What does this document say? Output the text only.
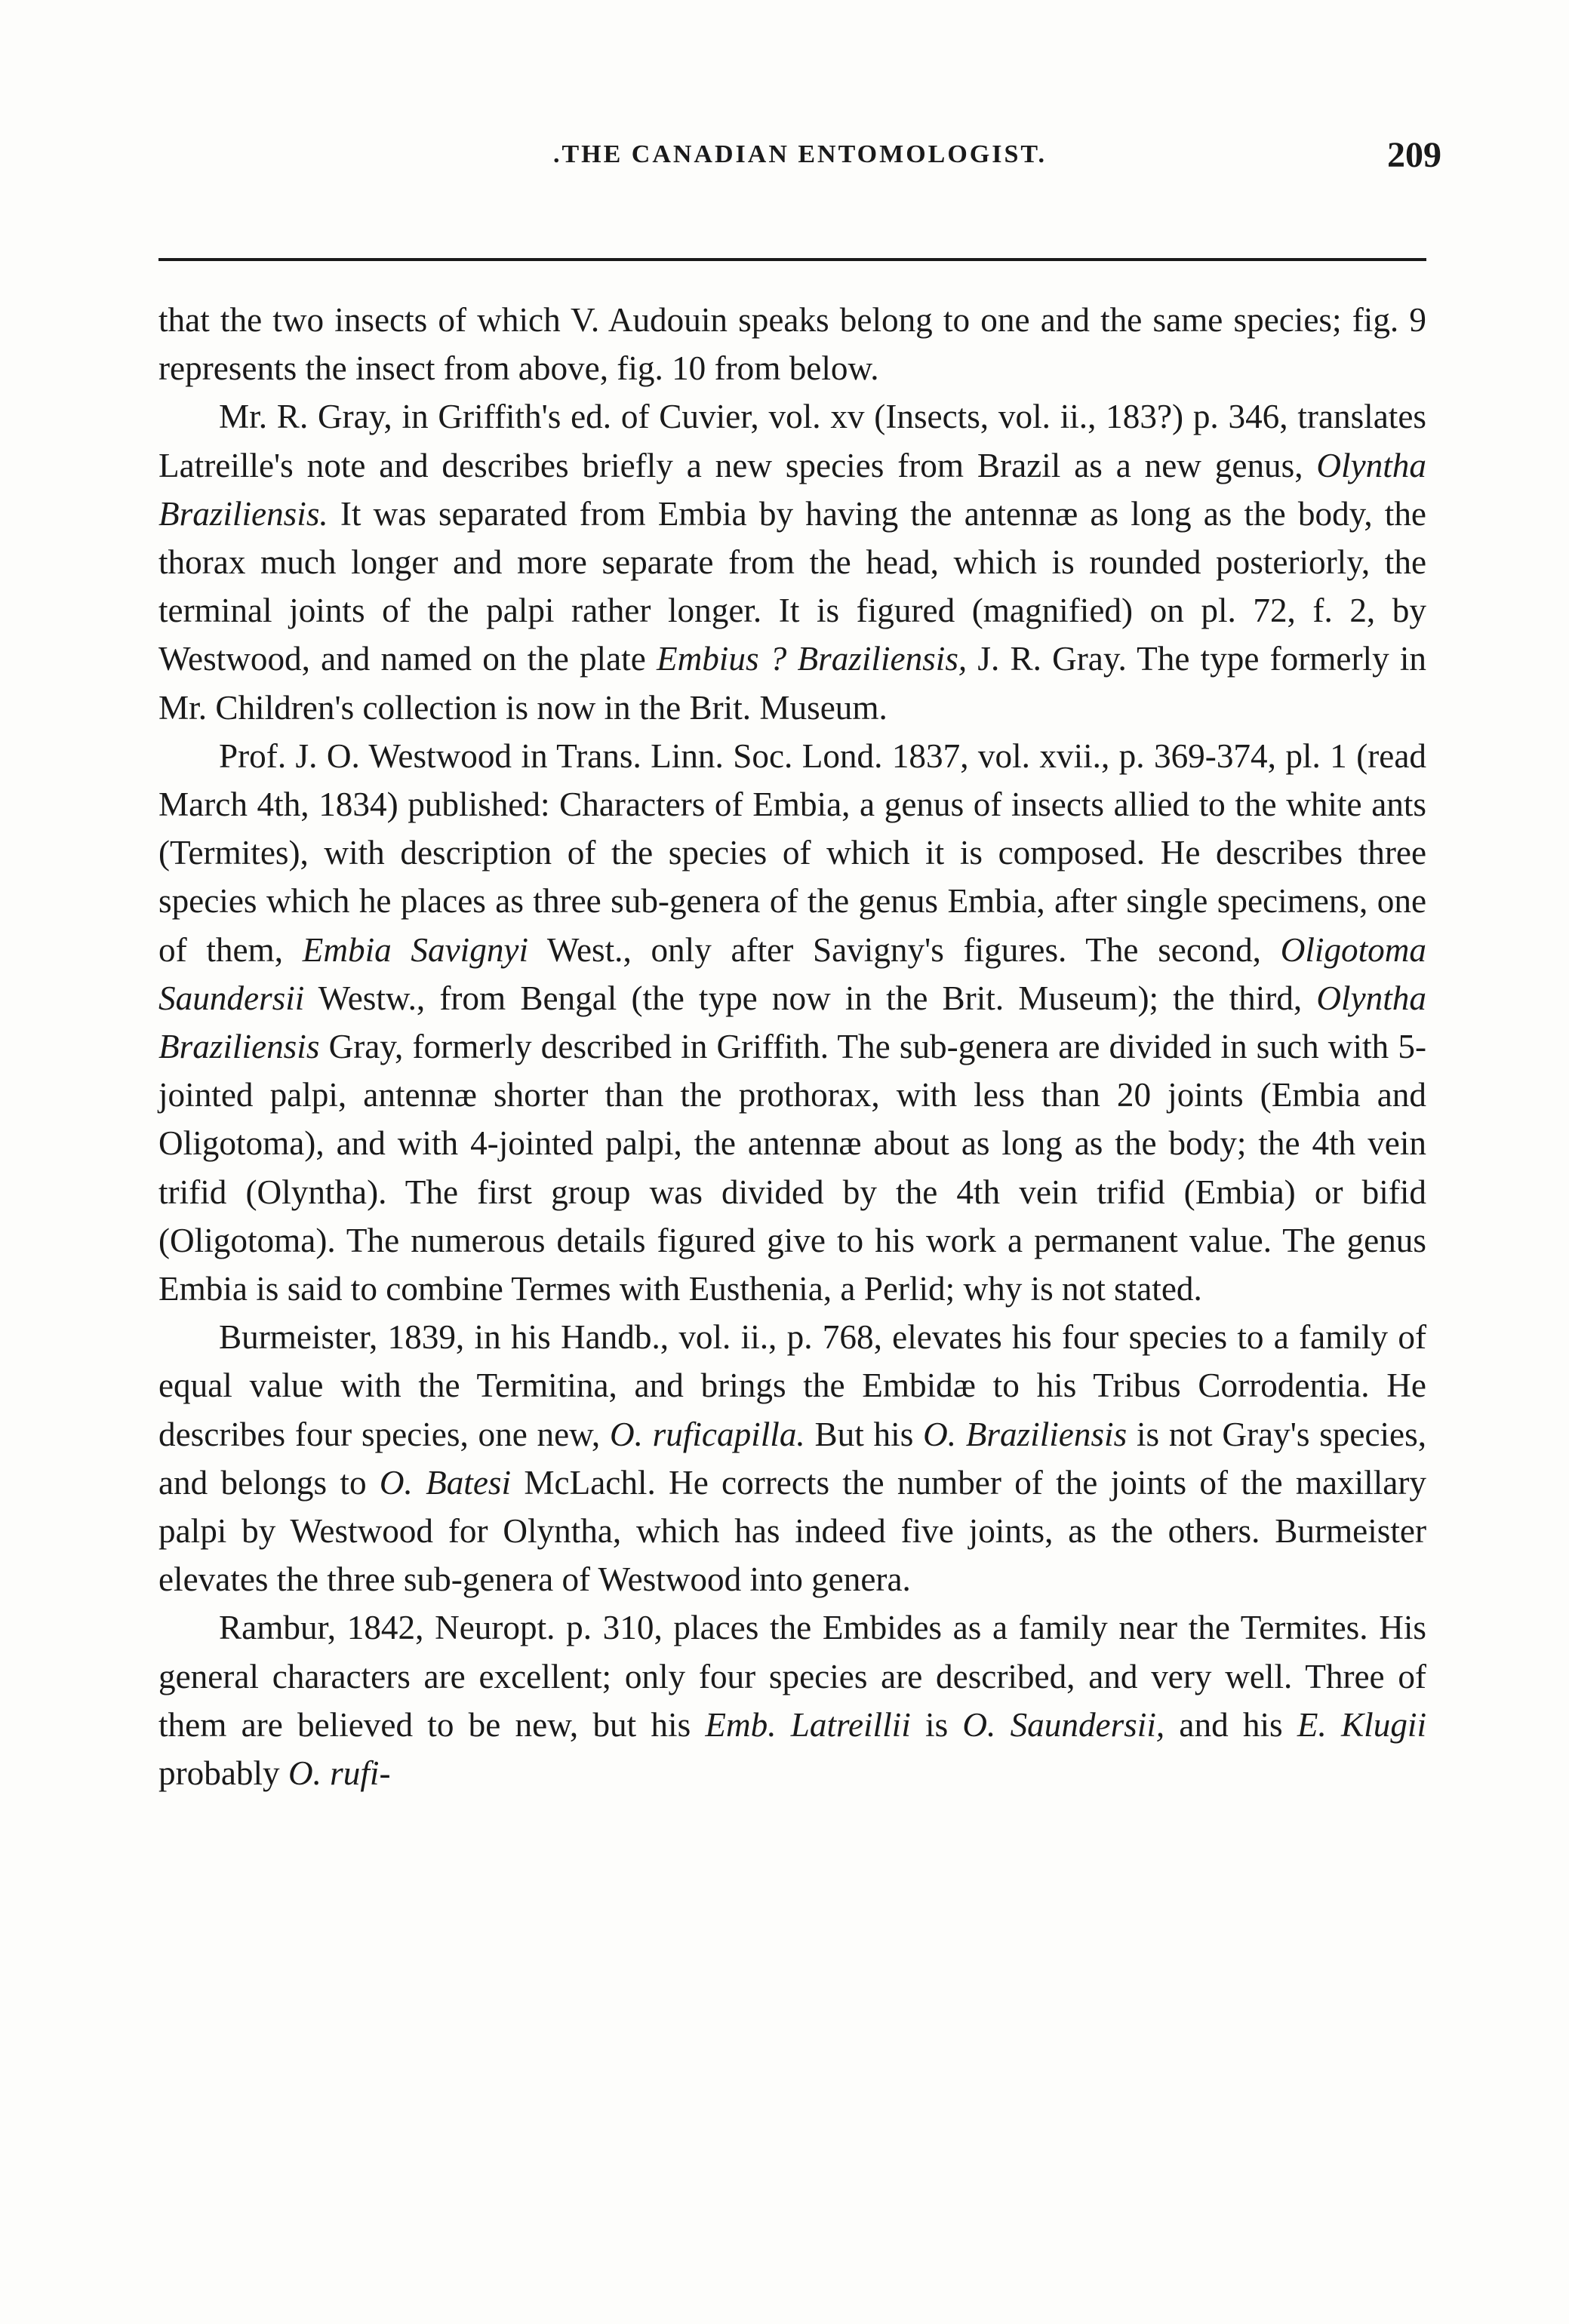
.THE CANADIAN ENTOMOLOGIST.	209

that the two insects of which V. Audouin speaks belong to one and the same species; fig. 9 represents the insect from above, fig. 10 from below.

Mr. R. Gray, in Griffith's ed. of Cuvier, vol. xv (Insects, vol. ii., 183?) p. 346, translates Latreille's note and describes briefly a new species from Brazil as a new genus, Olyntha Braziliensis. It was separated from Embia by having the antennæ as long as the body, the thorax much longer and more separate from the head, which is rounded posteriorly, the terminal joints of the palpi rather longer. It is figured (magnified) on pl. 72, f. 2, by Westwood, and named on the plate Embius ? Braziliensis, J. R. Gray. The type formerly in Mr. Children's collection is now in the Brit. Museum.

Prof. J. O. Westwood in Trans. Linn. Soc. Lond. 1837, vol. xvii., p. 369-374, pl. 1 (read March 4th, 1834) published: Characters of Embia, a genus of insects allied to the white ants (Termites), with description of the species of which it is composed. He describes three species which he places as three sub-genera of the genus Embia, after single specimens, one of them, Embia Savignyi West., only after Savigny's figures. The second, Oligotoma Saundersii Westw., from Bengal (the type now in the Brit. Museum); the third, Olyntha Braziliensis Gray, formerly described in Griffith. The sub-genera are divided in such with 5-jointed palpi, antennæ shorter than the prothorax, with less than 20 joints (Embia and Oligotoma), and with 4-jointed palpi, the antennæ about as long as the body; the 4th vein trifid (Olyntha). The first group was divided by the 4th vein trifid (Embia) or bifid (Oligotoma). The numerous details figured give to his work a permanent value. The genus Embia is said to combine Termes with Eusthenia, a Perlid; why is not stated.

Burmeister, 1839, in his Handb., vol. ii., p. 768, elevates his four species to a family of equal value with the Termitina, and brings the Embidæ to his Tribus Corrodentia. He describes four species, one new, O. ruficapilla. But his O. Braziliensis is not Gray's species, and belongs to O. Batesi McLachl. He corrects the number of the joints of the maxillary palpi by Westwood for Olyntha, which has indeed five joints, as the others. Burmeister elevates the three sub-genera of Westwood into genera.

Rambur, 1842, Neuropt. p. 310, places the Embides as a family near the Termites. His general characters are excellent; only four species are described, and very well. Three of them are believed to be new, but his Emb. Latreillii is O. Saundersii, and his E. Klugii probably O. rufi-
